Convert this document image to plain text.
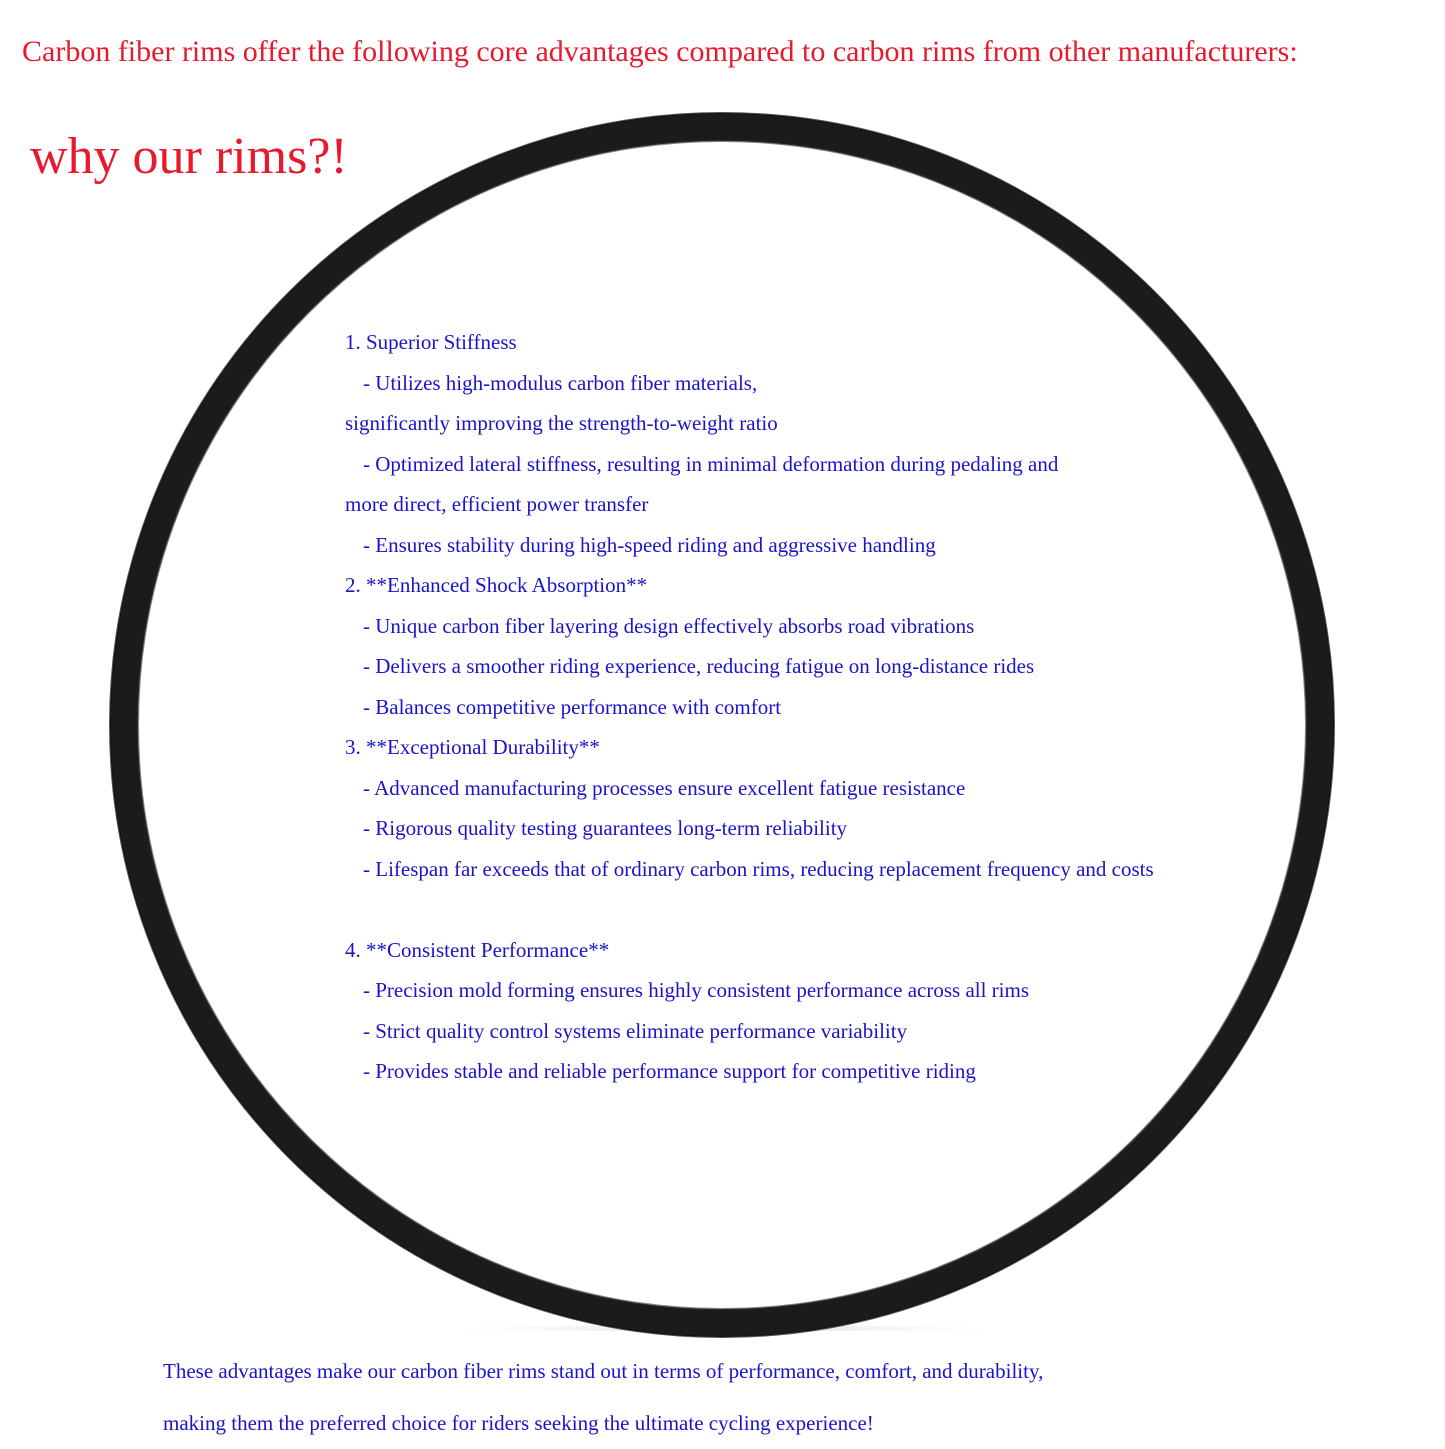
Carbon fiber rims offer the following core advantages compared to carbon rims from other manufacturers:
why our rims?!
1. Superior Stiffness
- Utilizes high-modulus carbon fiber materials,
significantly improving the strength-to-weight ratio
- Optimized lateral stiffness, resulting in minimal deformation during pedaling and
more direct, efficient power transfer
- Ensures stability during high-speed riding and aggressive handling
2. **Enhanced Shock Absorption**
- Unique carbon fiber layering design effectively absorbs road vibrations
- Delivers a smoother riding experience, reducing fatigue on long-distance rides
- Balances competitive performance with comfort
3. **Exceptional Durability**
- Advanced manufacturing processes ensure excellent fatigue resistance
- Rigorous quality testing guarantees long-term reliability
- Lifespan far exceeds that of ordinary carbon rims, reducing replacement frequency and costs
4. **Consistent Performance**
- Precision mold forming ensures highly consistent performance across all rims
- Strict quality control systems eliminate performance variability
- Provides stable and reliable performance support for competitive riding
These advantages make our carbon fiber rims stand out in terms of performance, comfort, and durability,
making them the preferred choice for riders seeking the ultimate cycling experience!
